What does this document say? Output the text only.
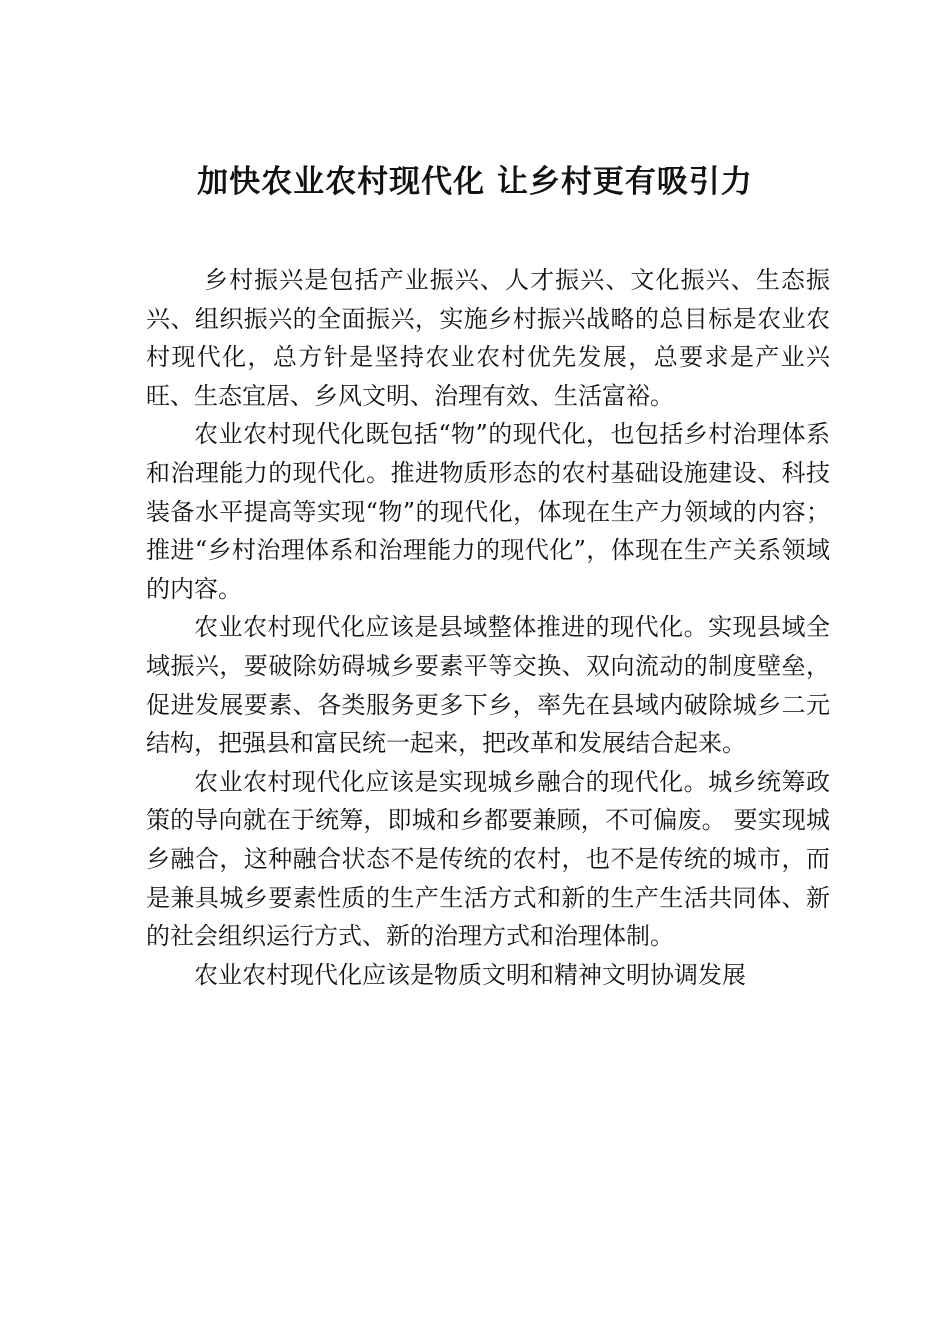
加快农业农村现代化 让乡村更有吸引力

乡村振兴是包括产业振兴、人才振兴、文化振兴、生态振兴、组织振兴的全面振兴，实施乡村振兴战略的总目标是农业农村现代化，总方针是坚持农业农村优先发展，总要求是产业兴旺、生态宜居、乡风文明、治理有效、生活富裕。

农业农村现代化既包括“物”的现代化，也包括乡村治理体系和治理能力的现代化。推进物质形态的农村基础设施建设、科技装备水平提高等实现“物”的现代化，体现在生产力领域的内容；推进“乡村治理体系和治理能力的现代化”，体现在生产关系领域的内容。

农业农村现代化应该是县域整体推进的现代化。实现县域全域振兴，要破除妨碍城乡要素平等交换、双向流动的制度壁垒，促进发展要素、各类服务更多下乡，率先在县域内破除城乡二元结构，把强县和富民统一起来，把改革和发展结合起来。

农业农村现代化应该是实现城乡融合的现代化。城乡统筹政策的导向就在于统筹，即城和乡都要兼顾，不可偏废。 要实现城乡融合，这种融合状态不是传统的农村，也不是传统的城市，而是兼具城乡要素性质的生产生活方式和新的生产生活共同体、新的社会组织运行方式、新的治理方式和治理体制。

农业农村现代化应该是物质文明和精神文明协调发展
